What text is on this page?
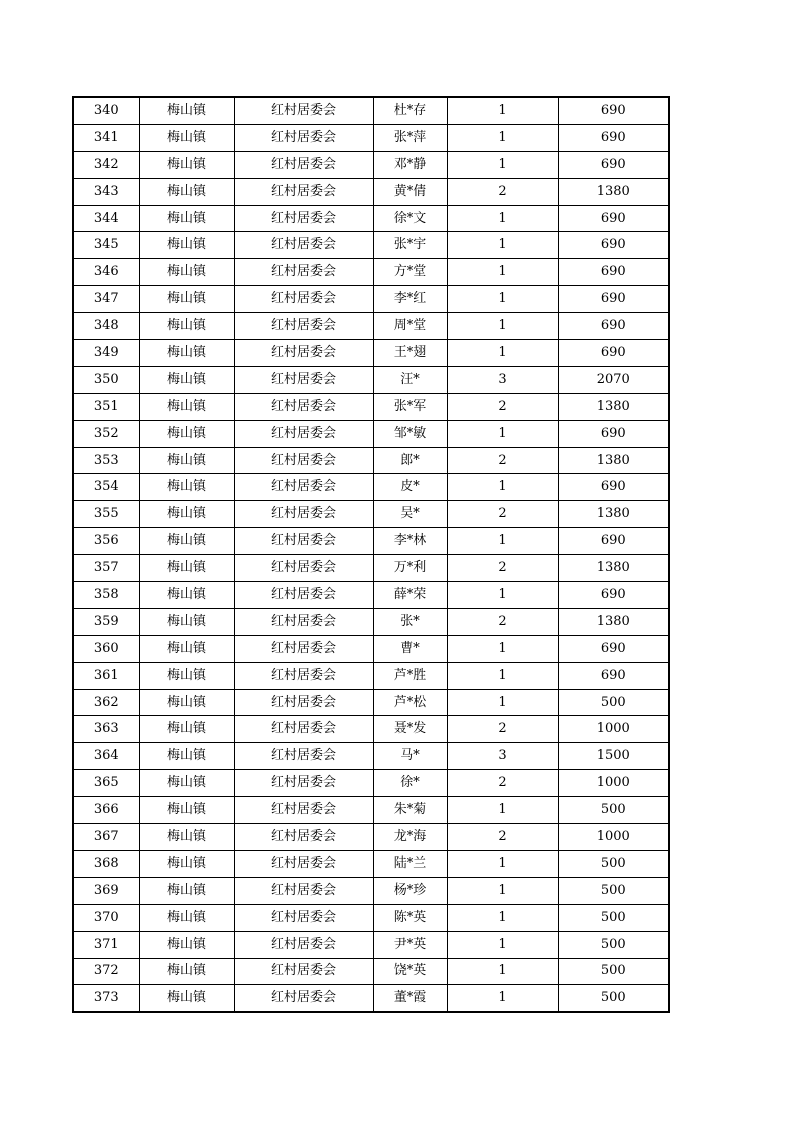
340	梅山镇	红村居委会	杜*存	1	690
341	梅山镇	红村居委会	张*萍	1	690
342	梅山镇	红村居委会	邓*静	1	690
343	梅山镇	红村居委会	黄*倩	2	1380
344	梅山镇	红村居委会	徐*文	1	690
345	梅山镇	红村居委会	张*宇	1	690
346	梅山镇	红村居委会	方*堂	1	690
347	梅山镇	红村居委会	李*红	1	690
348	梅山镇	红村居委会	周*堂	1	690
349	梅山镇	红村居委会	王*翅	1	690
350	梅山镇	红村居委会	汪*	3	2070
351	梅山镇	红村居委会	张*军	2	1380
352	梅山镇	红村居委会	邹*敏	1	690
353	梅山镇	红村居委会	郎*	2	1380
354	梅山镇	红村居委会	皮*	1	690
355	梅山镇	红村居委会	吴*	2	1380
356	梅山镇	红村居委会	李*林	1	690
357	梅山镇	红村居委会	万*利	2	1380
358	梅山镇	红村居委会	薛*荣	1	690
359	梅山镇	红村居委会	张*	2	1380
360	梅山镇	红村居委会	曹*	1	690
361	梅山镇	红村居委会	芦*胜	1	690
362	梅山镇	红村居委会	芦*松	1	500
363	梅山镇	红村居委会	聂*发	2	1000
364	梅山镇	红村居委会	马*	3	1500
365	梅山镇	红村居委会	徐*	2	1000
366	梅山镇	红村居委会	朱*菊	1	500
367	梅山镇	红村居委会	龙*海	2	1000
368	梅山镇	红村居委会	陆*兰	1	500
369	梅山镇	红村居委会	杨*珍	1	500
370	梅山镇	红村居委会	陈*英	1	500
371	梅山镇	红村居委会	尹*英	1	500
372	梅山镇	红村居委会	饶*英	1	500
373	梅山镇	红村居委会	董*霞	1	500
